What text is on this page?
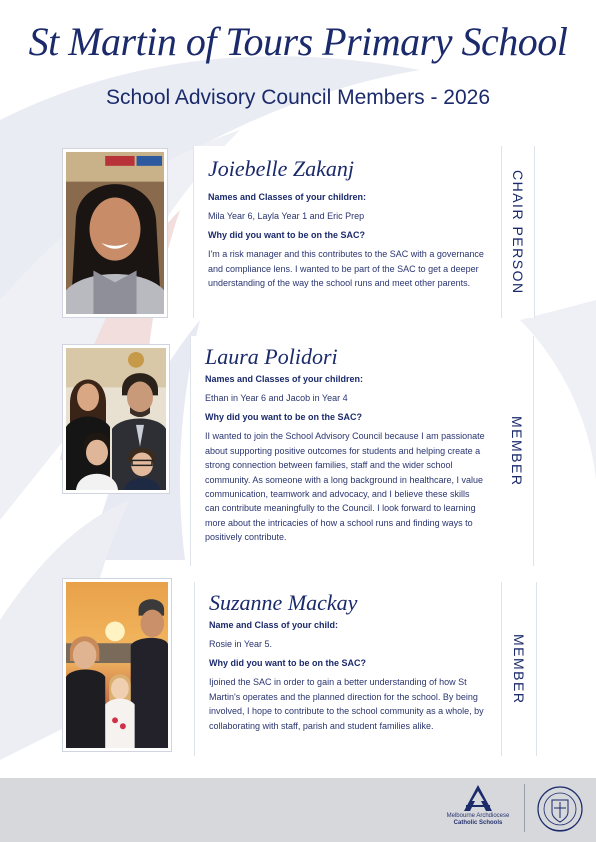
St Martin of Tours Primary School
School Advisory Council Members - 2026
Joiebelle Zakanj

Names and Classes of your children:

Mila Year 6, Layla Year 1 and Eric Prep

Why did you want to be on the SAC?

I'm a risk manager and this contributes to the SAC with a governance and compliance lens. I wanted to be part of the SAC to get a deeper understanding of the way the school runs and meet other parents.	CHAIR PERSON
Laura Polidori

Names and Classes of your children:

Ethan in Year 6 and Jacob in Year 4

Why did you want to be on the SAC?

II wanted to join the School Advisory Council because I am passionate about supporting positive outcomes for students and helping create a strong connection between families, staff and the wider school community. As someone with a long background in healthcare, I value communication, teamwork and advocacy, and I believe these skills can contribute meaningfully to the Council. I look forward to learning more about the intricacies of how a school runs and finding ways to positively contribute.

MEMBER
Suzanne Mackay

Name and Class of your child:

Rosie in Year 5.

Why did you want to be on the SAC?

Ijoined the SAC in order to gain a better understanding of how St Martin's operates and the planned direction for the school. By being involved, I hope to contribute to the school community as a whole, by collaborating with staff, parish and student families alike.

MEMBER
Melbourne Archdiocese
Catholic Schools
